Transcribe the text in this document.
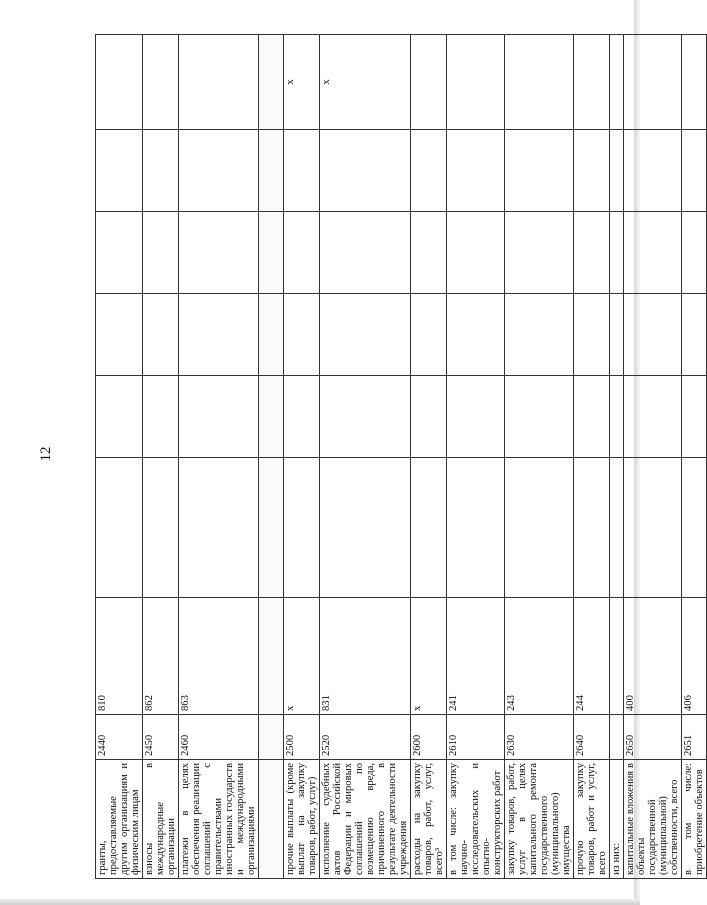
12
гранты, предоставляемые другим организациям и физическим лицам	2440	810						
взносы в международные организации	2450	862						
платежи в целях обеспечения реализации соглашений с правительствами иностранных государств и международными организациями	2460	863						

прочие выплаты (кроме выплат на закупку товаров, работ, услуг)	2500	x						x
исполнение судебных актов Российской Федерации и мировых соглашений по возмещению вреда, причиненного в результате деятельности учреждения	2520	831						x
расходы на закупку товаров, работ, услуг, всего³	2600	x						
в том числе: закупку научно-исследовательских и опытно-конструкторских работ	2610	241						
закупку товаров, работ, услуг в целях капитального ремонта государственного (муниципального) имущества	2630	243						
прочую закупку товаров, работ и услуг, всего	2640	244						
из них:								
капитальные вложения в объекты государственной (муниципальной) собственности, всего	2650	400						
в том числе: приобретение объектов	2651	406						
